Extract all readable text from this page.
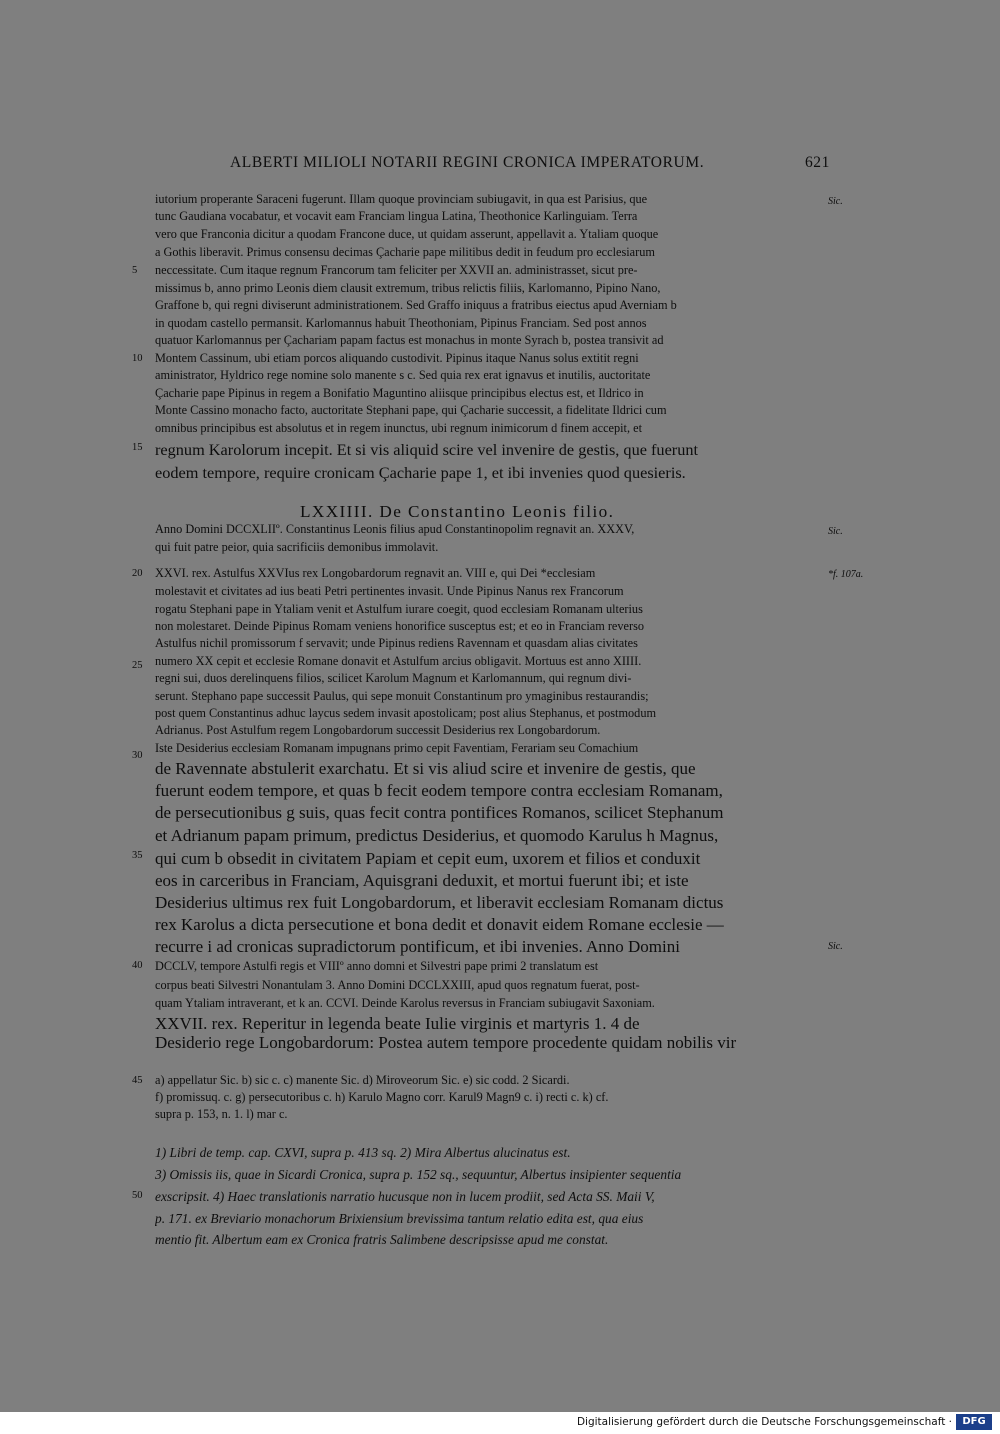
ALBERTI MILIOLI NOTARII REGINI CRONICA IMPERATORUM.	621
LXXIIII. De Constantino Leonis filio.
iutorium properante Saraceni fugerunt. Illam quoque provinciam subiugavit, in qua est Parisius, que
tunc Gaudiana vocabatur, et vocavit eam Franciam lingua Latina, Theothonice Karlinguiam. Terra
vero que Franconia dicitur a quodam Francone duce, ut quidam asserunt, appellavit a. Ytaliam quoque
a Gothis liberavit. Primus consensu decimas Çacharie pape militibus dedit in feudum pro ecclesiarum
neccessitate. Cum itaque regnum Francorum tam feliciter per XXVII an. administrasset, sicut pre-
missimus b, anno primo Leonis diem clausit extremum, tribus relictis filiis, Karlomanno, Pipino Nano,
Graffone b, qui regni diviserunt administrationem. Sed Graffo iniquus a fratribus eiectus apud Averniam b
in quodam castello permansit. Karlomannus habuit Theothoniam, Pipinus Franciam. Sed post annos
quatuor Karlomannus per Çachariam papam factus est monachus in monte Syrach b, postea transivit ad
Montem Cassinum, ubi etiam porcos aliquando custodivit. Pipinus itaque Nanus solus extitit regni
aministrator, Hyldrico rege nomine solo manente s c. Sed quia rex erat ignavus et inutilis, auctoritate
Çacharie pape Pipinus in regem a Bonifatio Maguntino aliisque principibus electus est, et Ildrico in
Monte Cassino monacho facto, auctoritate Stephani pape, qui Çacharie successit, a fidelitate Ildrici cum
omnibus principibus est absolutus et in regem inunctus, ubi regnum inimicorum d finem accepit, et
regnum Karolorum incepit. Et si vis aliquid scire vel invenire de gestis, que fuerunt
eodem tempore, require cronicam Çacharie pape 1, et ibi invenies quod quesieris.
Anno Domini DCCXLIIº. Constantinus Leonis filius apud Constantinopolim regnavit an. XXXV,
qui fuit patre peior, quia sacrificiis demonibus immolavit.
XXVI. rex. Astulfus XXVIus rex Longobardorum regnavit an. VIII e, qui Dei *ecclesiam
molestavit et civitates ad ius beati Petri pertinentes invasit. Unde Pipinus Nanus rex Francorum
rogatu Stephani pape in Ytaliam venit et Astulfum iurare coegit, quod ecclesiam Romanam ulterius
non molestaret. Deinde Pipinus Romam veniens honorifice susceptus est; et eo in Franciam reverso
Astulfus nichil promissorum f servavit; unde Pipinus rediens Ravennam et quasdam alias civitates
numero XX cepit et ecclesie Romane donavit et Astulfum arcius obligavit. Mortuus est anno XIIII.
regni sui, duos derelinquens filios, scilicet Karolum Magnum et Karlomannum, qui regnum divi-
serunt. Stephano pape successit Paulus, qui sepe monuit Constantinum pro ymaginibus restaurandis;
post quem Constantinus adhuc laycus sedem invasit apostolicam; post alius Stephanus, et postmodum
Adrianus. Post Astulfum regem Longobardorum successit Desiderius rex Longobardorum.
Iste Desiderius ecclesiam Romanam impugnans primo cepit Faventiam, Ferariam seu Comachium
de Ravennate abstulerit exarchatu. Et si vis aliud scire et invenire de gestis, que
fuerunt eodem tempore, et quas b fecit eodem tempore contra ecclesiam Romanam,
de persecutionibus g suis, quas fecit contra pontifices Romanos, scilicet Stephanum
et Adrianum papam primum, predictus Desiderius, et quomodo Karulus h Magnus,
qui cum b obsedit in civitatem Papiam et cepit eum, uxorem et filios et conduxit
eos in carceribus in Franciam, Aquisgrani deduxit, et mortui fuerunt ibi; et iste
Desiderius ultimus rex fuit Longobardorum, et liberavit ecclesiam Romanam dictus
rex Karolus a dicta persecutione et bona dedit et donavit eidem Romane ecclesie —
recurre i ad cronicas supradictorum pontificum, et ibi invenies. Anno Domini
DCCLV, tempore Astulfi regis et VIIIº anno domni et Silvestri pape primi 2 translatum est
corpus beati Silvestri Nonantulam 3. Anno Domini DCCLXXIII, apud quos regnatum fuerat, post-
quam Ytaliam intraverant, et k an. CCVI. Deinde Karolus reversus in Franciam subiugavit Saxoniam.
XXVII. rex. Reperitur in legenda beate Iulie virginis et martyris 1. 4 de
Desiderio rege Longobardorum: Postea autem tempore procedente quidam nobilis vir
a) appellatur Sic. b) sic c. c) manente Sic. d) Miroveorum Sic. e) sic codd. 2 Sicardi.
f) promissuq. c. g) persecutoribus c. h) Karulo Magno corr. Karul9 Magn9 c. i) recti c. k) cf.
supra p. 153, n. 1. l) mar c.
1) Libri de temp. cap. CXVI, supra p. 413 sq. 2) Mira Albertus alucinatus est.
3) Omissis iis, quae in Sicardi Cronica, supra p. 152 sq., sequuntur, Albertus insipienter sequentia
exscripsit. 4) Haec translationis narratio hucusque non in lucem prodiit, sed Acta SS. Maii V,
p. 171. ex Breviario monachorum Brixiensium brevissima tantum relatio edita est, qua eius
mentio fit. Albertum eam ex Cronica fratris Salimbene descripsisse apud me constat.
5
10
15
20
25
30
35
40
45
50
Sic.
Sic.
*f. 107a.
Sic.
Digitalisierung gefördert durch die Deutsche Forschungsgemeinschaft ·	DFG
